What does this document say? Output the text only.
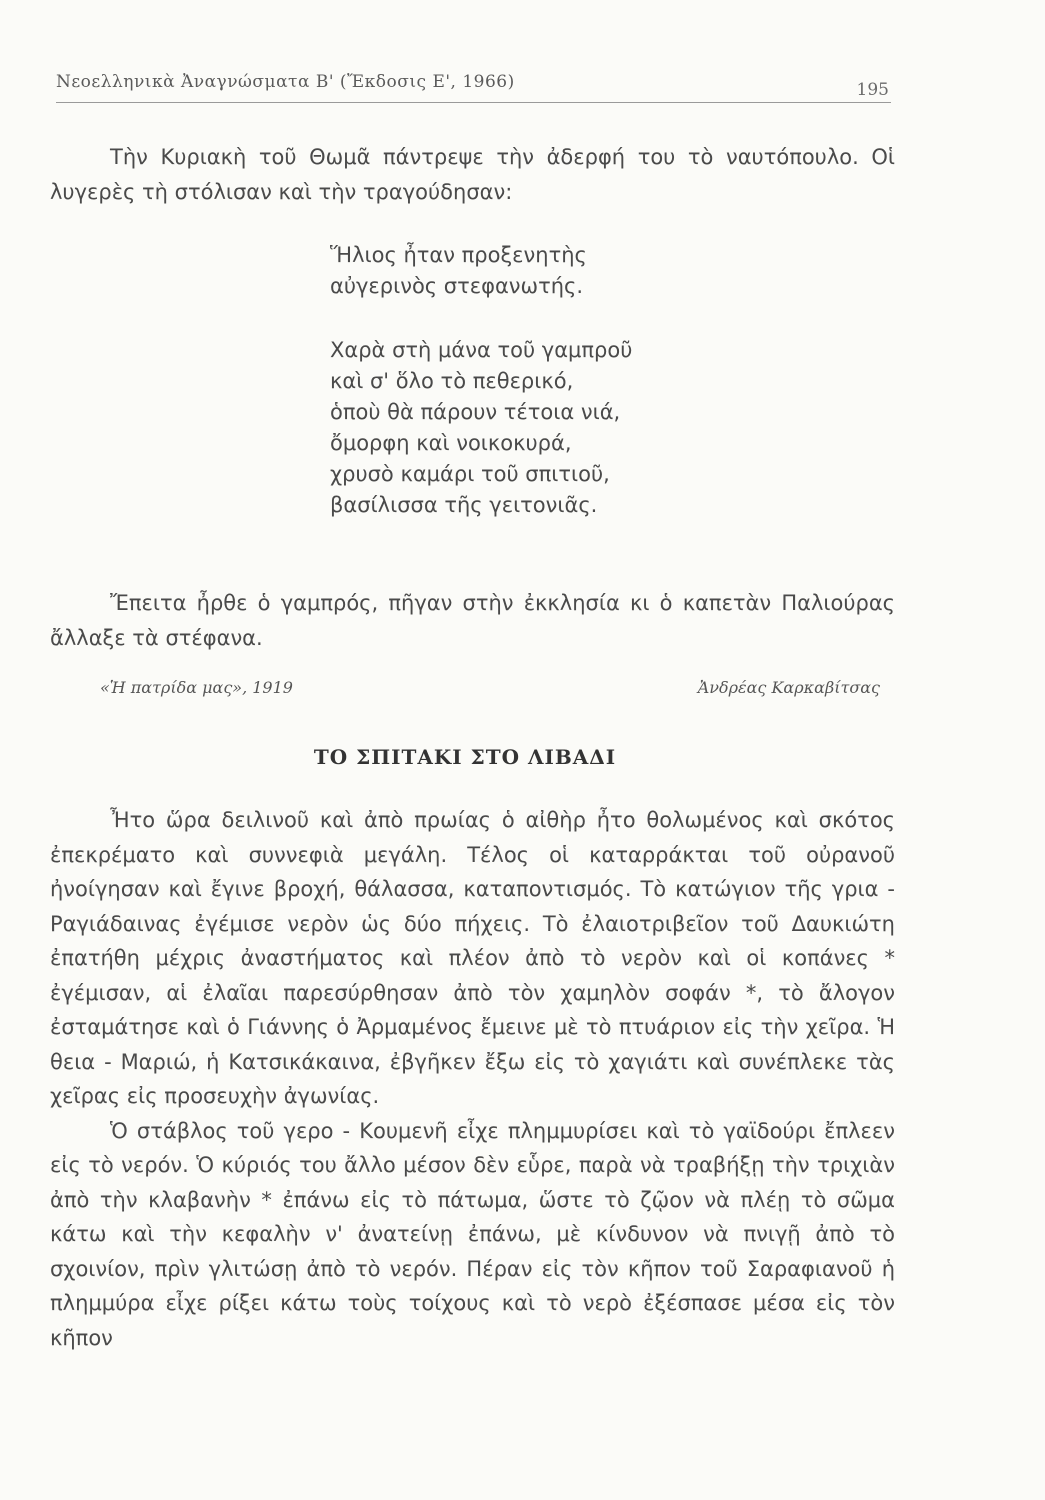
Νεοελληνικὰ Ἀναγνώσματα Β' (Ἔκδοσις Ε', 1966)	195

Τὴν Κυριακὴ τοῦ Θωμᾶ πάντρεψε τὴν ἀδερφή του τὸ ναυτόπουλο. Οἱ λυγερὲς τὴ στόλισαν καὶ τὴν τραγούδησαν:

Ἥλιος ἦταν προξενητὴς
αὐγερινὸς στεφανωτής.
Χαρὰ στὴ μάνα τοῦ γαμπροῦ
καὶ σ' ὅλο τὸ πεθερικό,
ὁποὺ θὰ πάρουν τέτοια νιά,
ὄμορφη καὶ νοικοκυρά,
χρυσὸ καμάρι τοῦ σπιτιοῦ,
βασίλισσα τῆς γειτονιᾶς.

Ἔπειτα ἦρθε ὁ γαμπρός, πῆγαν στὴν ἐκκλησία κι ὁ καπετὰν Παλιούρας ἄλλαξε τὰ στέφανα.

«Ἡ πατρίδα μας», 1919	Ἀνδρέας Καρκαβίτσας
ΤΟ ΣΠΙΤΑΚΙ ΣΤΟ ΛΙΒΑΔΙ

Ἦτο ὥρα δειλινοῦ καὶ ἀπὸ πρωίας ὁ αἰθὴρ ἦτο θολωμένος καὶ σκότος ἐπεκρέματο καὶ συννεφιὰ μεγάλη. Τέλος οἱ καταρράκται τοῦ οὐρανοῦ ἠνοίγησαν καὶ ἔγινε βροχή, θάλασσα, καταποντισμός. Τὸ κατώγιον τῆς γρια - Ραγιάδαινας ἐγέμισε νερὸν ὡς δύο πήχεις. Τὸ ἐλαιοτριβεῖον τοῦ Δαυκιώτη ἐπατήθη μέχρις ἀναστήματος καὶ πλέον ἀπὸ τὸ νερὸν καὶ οἱ κοπάνες * ἐγέμισαν, αἱ ἐλαῖαι παρεσύρθησαν ἀπὸ τὸν χαμηλὸν σοφάν *, τὸ ἄλογον ἐσταμάτησε καὶ ὁ Γιάννης ὁ Ἀρμαμένος ἔμεινε μὲ τὸ πτυάριον εἰς τὴν χεῖρα. Ἡ θεια - Μαριώ, ἡ Κατσικάκαινα, ἐβγῆκεν ἔξω εἰς τὸ χαγιάτι καὶ συνέπλεκε τὰς χεῖρας εἰς προσευχὴν ἀγωνίας.

Ὁ στάβλος τοῦ γερο - Κουμενῆ εἶχε πλημμυρίσει καὶ τὸ γαϊδούρι ἔπλεεν εἰς τὸ νερόν. Ὁ κύριός του ἄλλο μέσον δὲν εὗρε, παρὰ νὰ τραβήξῃ τὴν τριχιὰν ἀπὸ τὴν κλαβανὴν * ἐπάνω εἰς τὸ πάτωμα, ὥστε τὸ ζῷον νὰ πλέῃ τὸ σῶμα κάτω καὶ τὴν κεφαλὴν ν' ἀνατείνῃ ἐπάνω, μὲ κίνδυνον νὰ πνιγῇ ἀπὸ τὸ σχοινίον, πρὶν γλιτώσῃ ἀπὸ τὸ νερόν. Πέραν εἰς τὸν κῆπον τοῦ Σαραφιανοῦ ἡ πλημμύρα εἶχε ρίξει κάτω τοὺς τοίχους καὶ τὸ νερὸ ἐξέσπασε μέσα εἰς τὸν κῆπον
